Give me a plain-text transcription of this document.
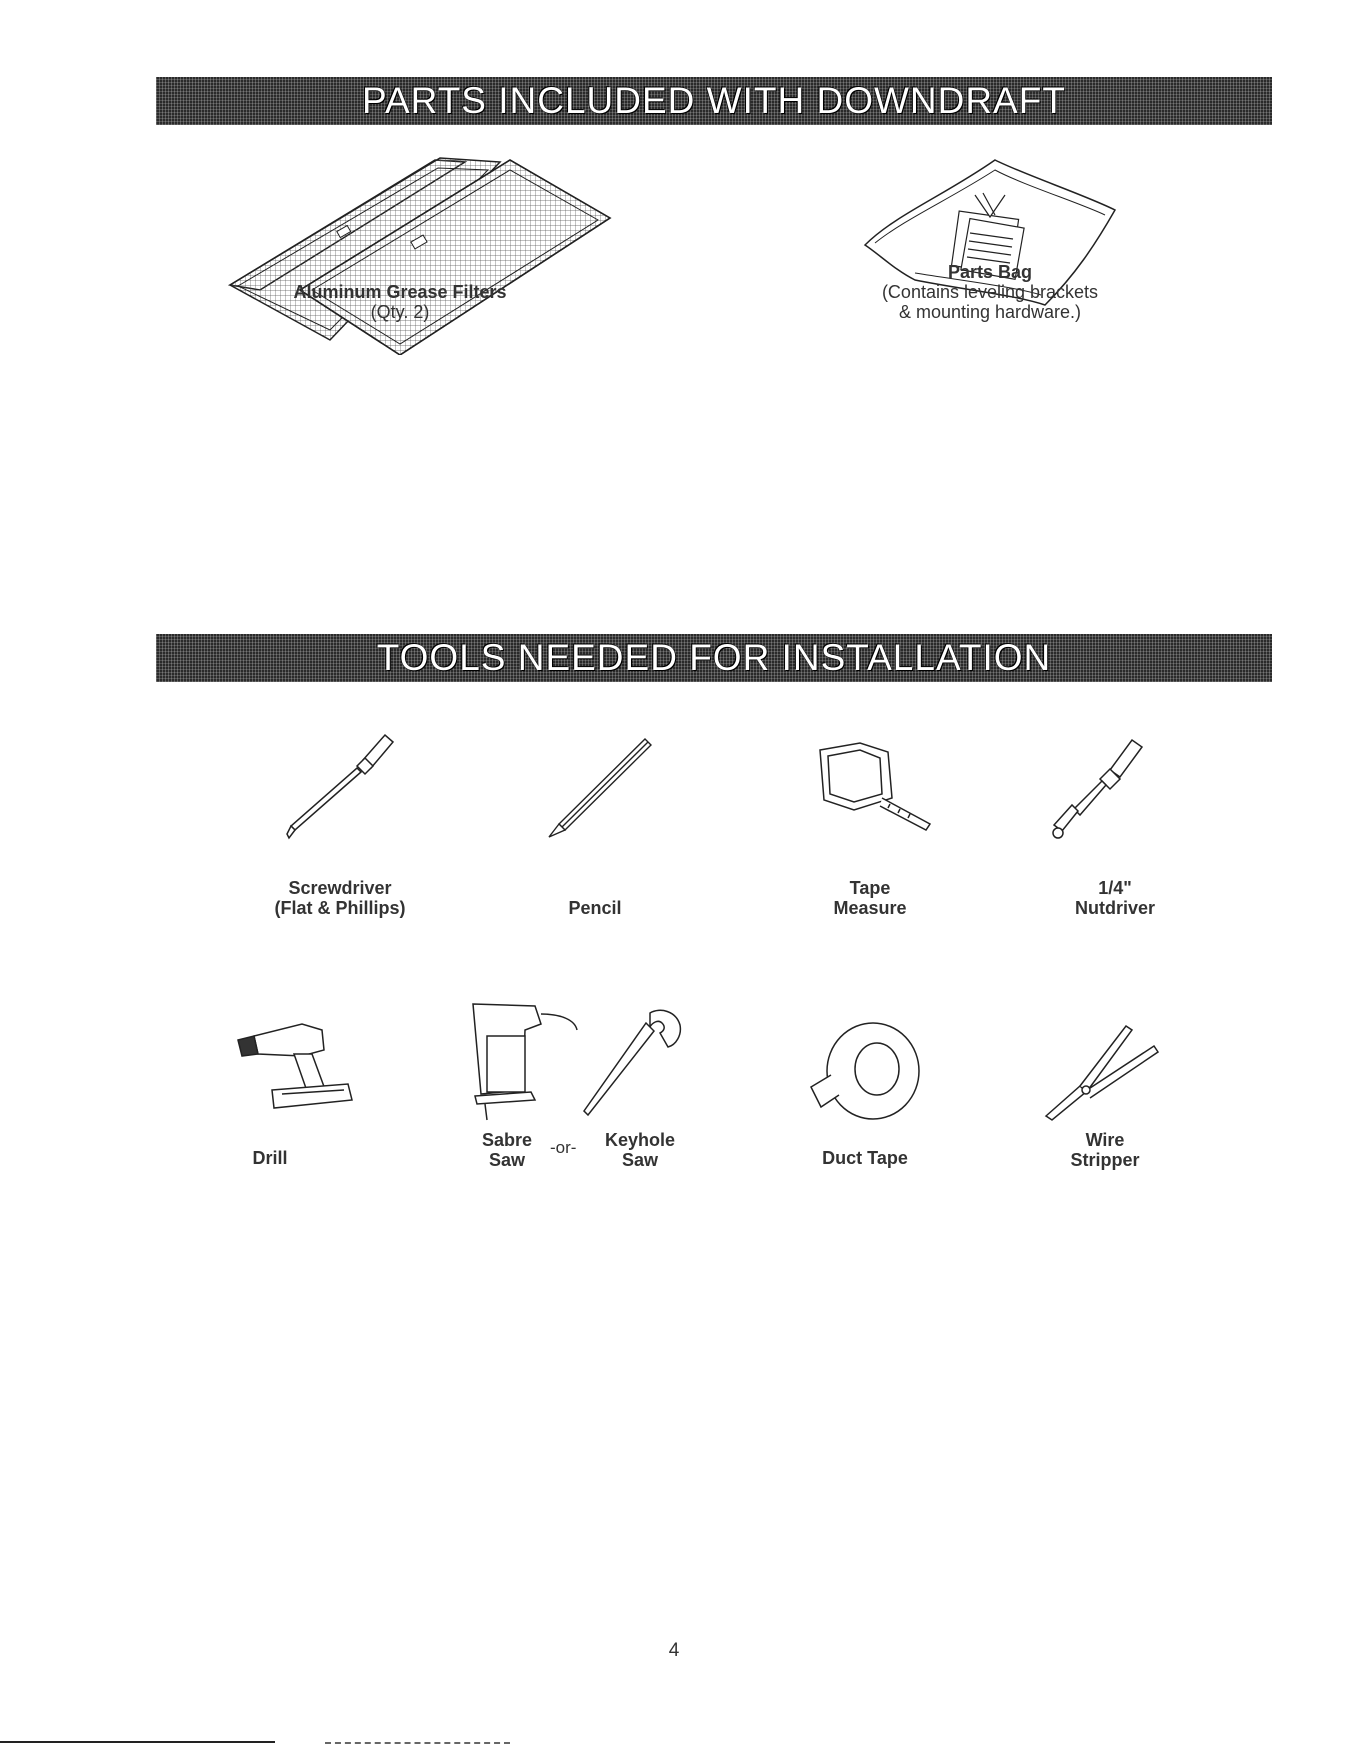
PARTS INCLUDED WITH DOWNDRAFT
Aluminum Grease Filters
(Qty. 2)
Parts Bag
(Contains leveling brackets
& mounting hardware.)
TOOLS NEEDED FOR INSTALLATION
Screwdriver
(Flat & Phillips)	Pencil
Tape
Measure
1/4"
Nutdriver
Drill
Sabre
Saw
-or-	Keyhole
Saw	Duct Tape
Wire
Stripper
4
